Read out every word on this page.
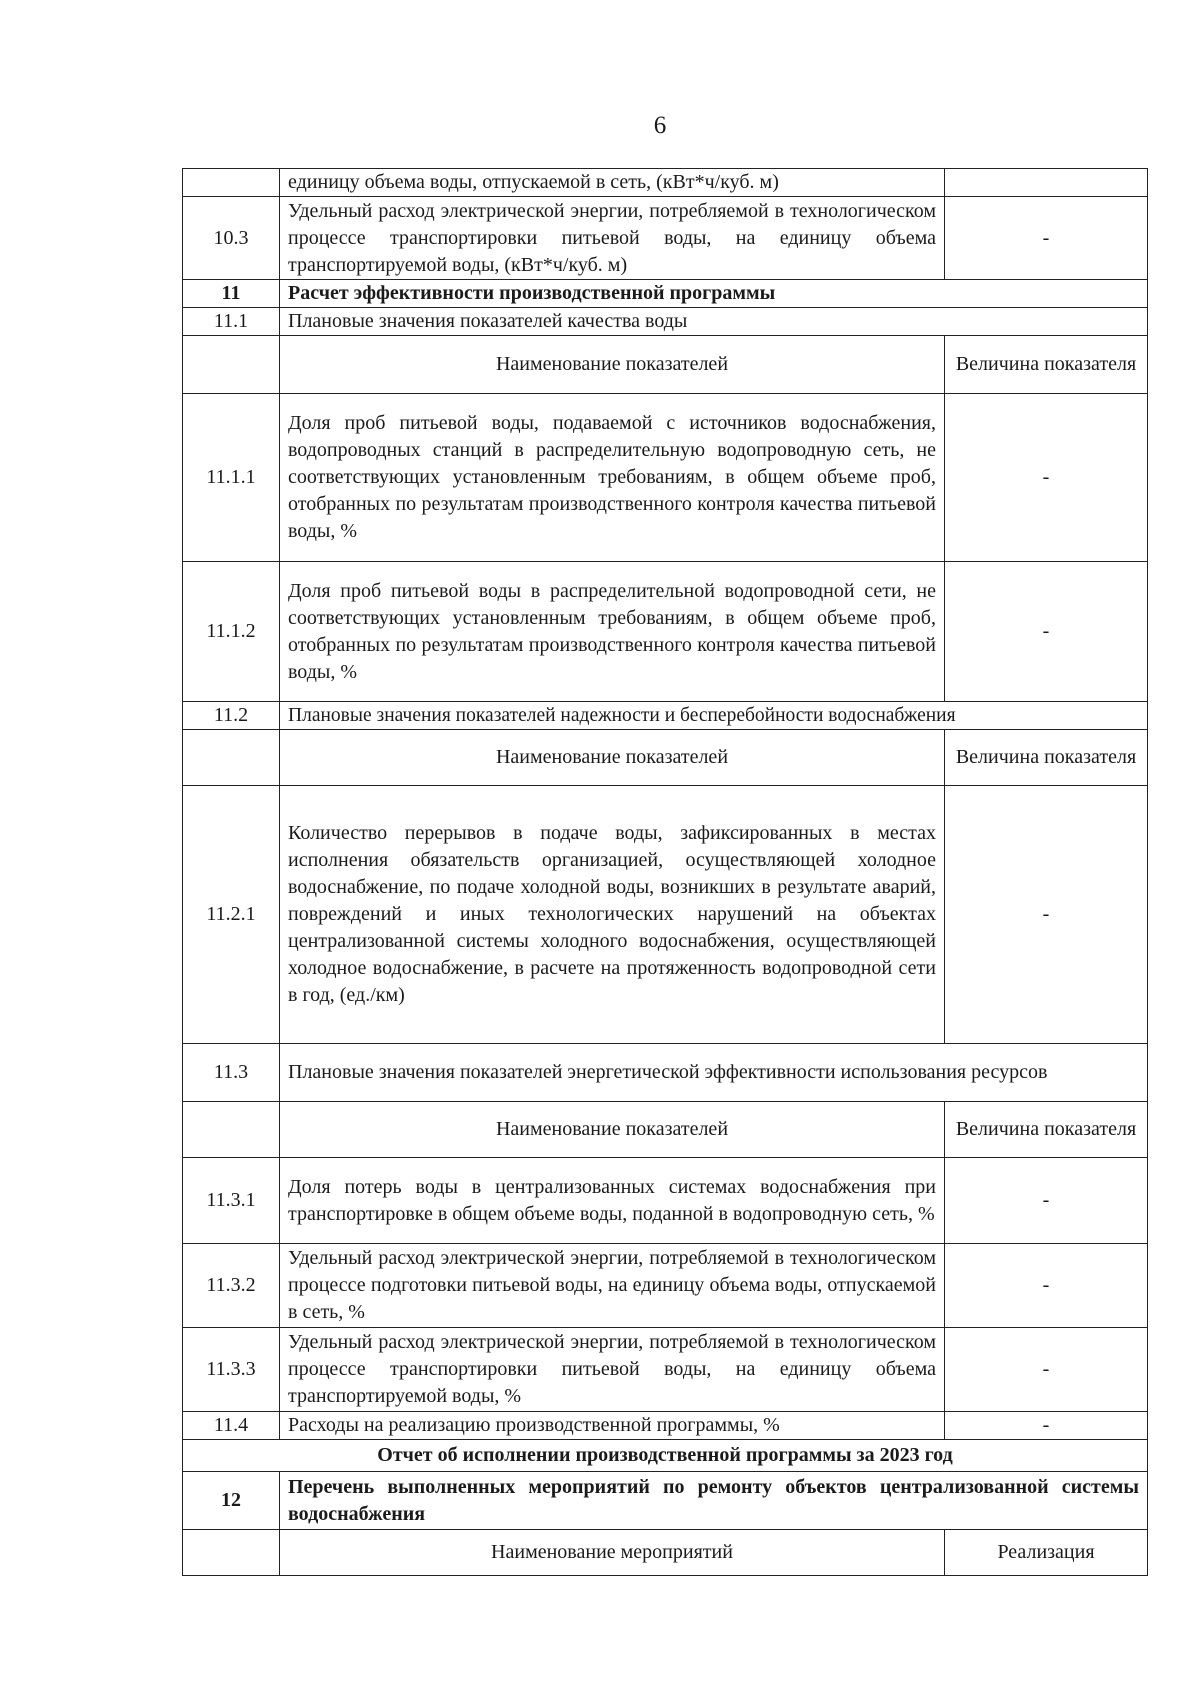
6
	единицу объема воды, отпускаемой в сеть, (кВт*ч/куб. м)	
10.3	Удельный расход электрической энергии, потребляемой в технологическом процессе транспортировки питьевой воды, на единицу объема транспортируемой воды, (кВт*ч/куб. м)	-
11	Расчет эффективности производственной программы	
11.1	Плановые значения показателей качества воды	
	Наименование показателей	Величина показателя
11.1.1	Доля проб питьевой воды, подаваемой с источников водоснабжения, водопроводных станций в распределительную водопроводную сеть, не соответствующих установленным требованиям, в общем объеме проб, отобранных по результатам производственного контроля качества питьевой воды, %	-
11.1.2	Доля проб питьевой воды в распределительной водопроводной сети, не соответствующих установленным требованиям, в общем объеме проб, отобранных по результатам производственного контроля качества питьевой воды, %	-
11.2	Плановые значения показателей надежности и бесперебойности водоснабжения	
	Наименование показателей	Величина показателя
11.2.1	Количество перерывов в подаче воды, зафиксированных в местах исполнения обязательств организацией, осуществляющей холодное водоснабжение, по подаче холодной воды, возникших в результате аварий, повреждений и иных технологических нарушений на объектах централизованной системы холодного водоснабжения, осуществляющей холодное водоснабжение, в расчете на протяженность водопроводной сети в год, (ед./км)	-
11.3	Плановые значения показателей энергетической эффективности использования ресурсов	
	Наименование показателей	Величина показателя
11.3.1	Доля потерь воды в централизованных системах водоснабжения при транспортировке в общем объеме воды, поданной в водопроводную сеть, %	-
11.3.2	Удельный расход электрической энергии, потребляемой в технологическом процессе подготовки питьевой воды, на единицу объема воды, отпускаемой в сеть, %	-
11.3.3	Удельный расход электрической энергии, потребляемой в технологическом процессе транспортировки питьевой воды, на единицу объема транспортируемой воды, %	-
11.4	Расходы на реализацию производственной программы, %	-
Отчет об исполнении производственной программы за 2023 год		
12	Перечень выполненных мероприятий по ремонту объектов централизованной системы водоснабжения	
	Наименование мероприятий	Реализация
